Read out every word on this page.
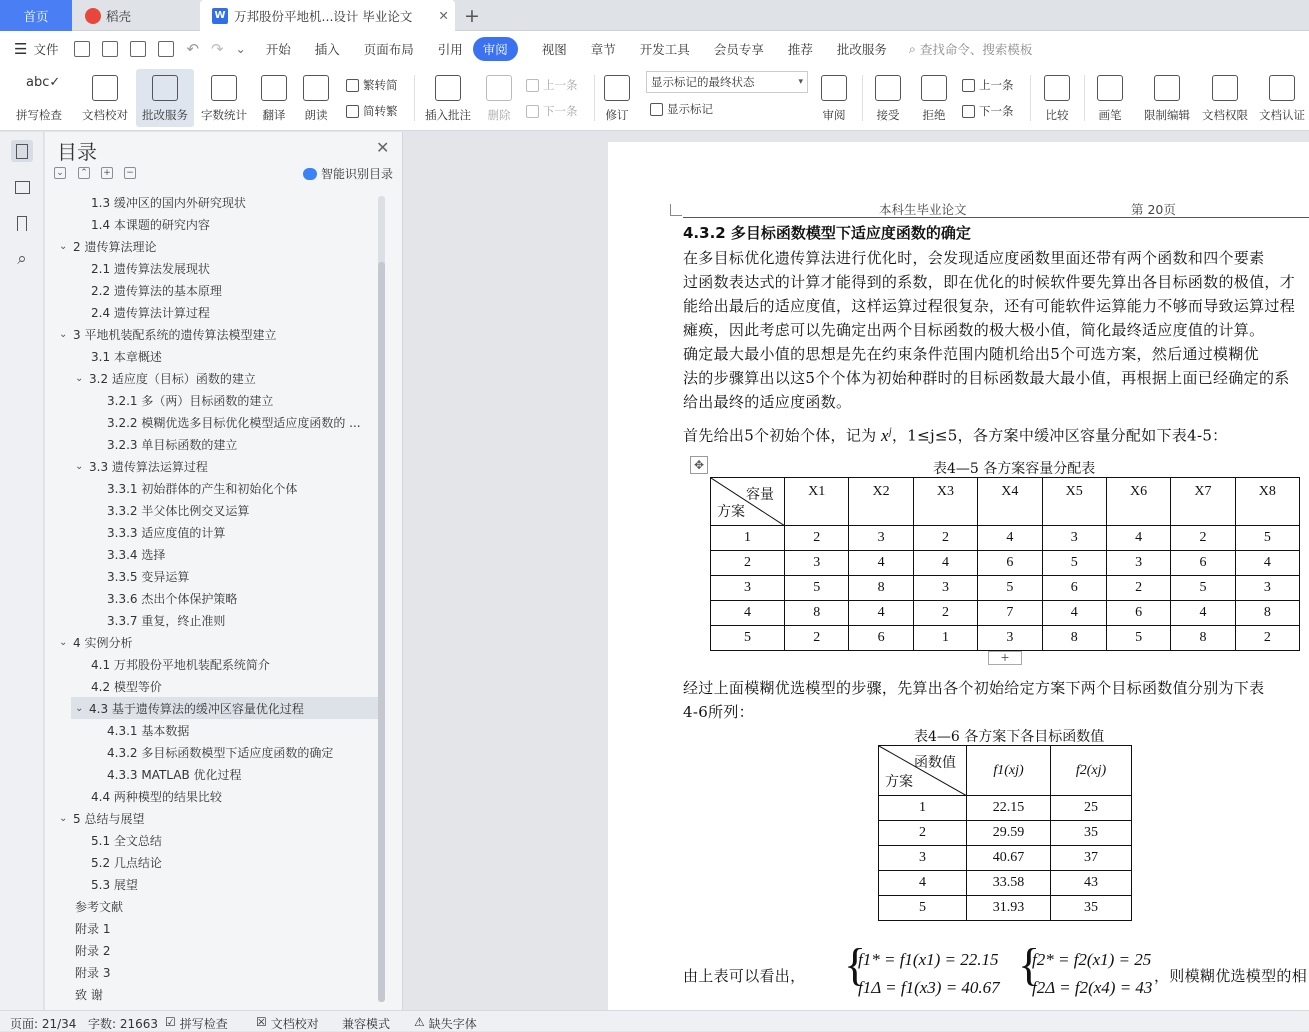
首页	稻壳	W 万邦股份平地机...设计 毕业论文 ✕ +
☰ 文件	↶ ↷ ⌄ 开始 插入 页面布局 引用	审阅	视图 章节 开发工具 会员专享 推荐 批改服务 ⌕ 查找命令、搜索模板
abc✓
拼写检查 文档校对 批改服务 字数统计 翻译 朗读
繁转简
简转繁 插入批注 删除
上一条
下一条 修订
显示标记的最终状态	▾
显示标记	审阅	接受 拒绝
上一条
下一条	比较	画笔 限制编辑 文档权限 文档认证
⌕
目录	✕
⌄ ⌃ + −	智能识别目录
1.3 缓冲区的国内外研究现状
1.4 本课题的研究内容
⌄ 2 遗传算法理论
2.1 遗传算法发展现状
2.2 遗传算法的基本原理
2.4 遗传算法计算过程
⌄ 3 平地机装配系统的遗传算法模型建立
3.1 本章概述
⌄ 3.2 适应度（目标）函数的建立
3.2.1 多（两）目标函数的建立
3.2.2 模糊优选多目标优化模型适应度函数的 ...
3.2.3 单目标函数的建立
⌄ 3.3 遗传算法运算过程
3.3.1 初始群体的产生和初始化个体
3.3.2 半父体比例交叉运算
3.3.3 适应度值的计算
3.3.4 选择
3.3.5 变异运算
3.3.6 杰出个体保护策略
3.3.7 重复，终止准则
⌄ 4 实例分析
4.1 万邦股份平地机装配系统简介
4.2 模型等价
⌄ 4.3 基于遗传算法的缓冲区容量优化过程
4.3.1 基本数据
4.3.2 多目标函数模型下适应度函数的确定
4.3.3 MATLAB 优化过程
4.4 两种模型的结果比较
⌄ 5 总结与展望
5.1 全文总结
5.2 几点结论
5.3 展望
参考文献
附录 1
附录 2
附录 3
致 谢
本科生毕业论文	第 20页
4.3.2 多目标函数模型下适应度函数的确定
在多目标优化遗传算法进行优化时，会发现适应度函数里面还带有两个函数和四个要素
过函数表达式的计算才能得到的系数，即在优化的时候软件要先算出各目标函数的极值，才
能给出最后的适应度值，这样运算过程很复杂，还有可能软件运算能力不够而导致运算过程
瘫痪，因此考虑可以先确定出两个目标函数的极大极小值，简化最终适应度值的计算。
确定最大最小值的思想是先在约束条件范围内随机给出5个可选方案，然后通过模糊优
法的步骤算出以这5个个体为初始种群时的目标函数最大最小值，再根据上面已经确定的系
给出最终的适应度函数。
首先给出5个初始个体，记为 $x^j$，1≤j≤5，各方案中缓冲区容量分配如下表4-5：
✥	表4—5 各方案容量分配表
容量
方案	X1	X2	X3	X4	X5	X6	X7	X8
1	2	3	2	4	3	4	2	5
2	3	4	4	6	5	3	6	4
3	5	8	3	5	6	2	5	3
4	8	4	2	7	4	6	4	8
5	2	6	1	3	8	5	8	2
+
经过上面模糊优选模型的步骤，先算出各个初始给定方案下两个目标函数值分别为下表
4-6所列：
表4—6 各方案下各目标函数值
函数值
方案	f1(xj)	f2(xj)
1	22.15	25
2	29.59	35
3	40.67	37
4	33.58	43
5	31.93	35
由上表可以看出， {
f1* = f1(x1) = 22.15
f1Δ = f1(x3) = 40.67 {
f2* = f2(x1) = 25
f2Δ = f2(x4) = 43
，则模糊优选模型的相
页面: 21/34 字数: 21663 ☑ 拼写检查 ☒ 文档校对 兼容模式 ⚠ 缺失字体
